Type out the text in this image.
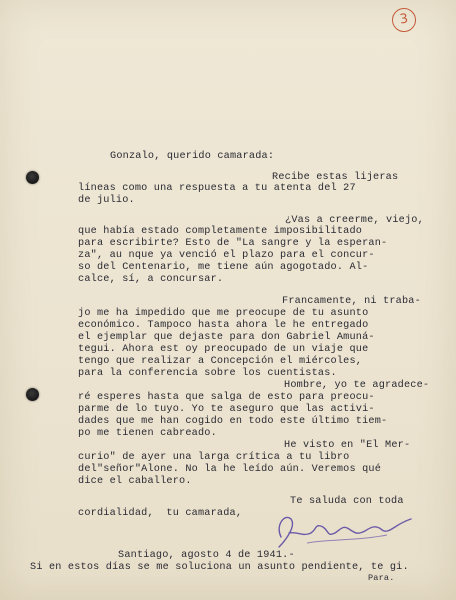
3
Gonzalo, querido camarada:
Recibe estas lijeras
líneas como una respuesta a tu atenta del 27
de julio.
¿Vas a creerme, viejo,
que había estado completamente imposibilitado
para escribirte? Esto de "La sangre y la esperan-
za", au nque ya venció el plazo para el concur-
so del Centenario, me tiene aún agogotado. Al-
calce, sí, a concursar.
Francamente, ni traba-
jo me ha impedido que me preocupe de tu asunto
económico. Tampoco hasta ahora le he entregado
el ejemplar que dejaste para don Gabriel Amuná-
tegui. Ahora est oy preocupado de un viaje que
tengo que realizar a Concepción el miércoles,
para la conferencia sobre los cuentistas.
Hombre, yo te agradece-
ré esperes hasta que salga de esto para preocu-
parme de lo tuyo. Yo te aseguro que las activi-
dades que me han cogido en todo este último tiem-
po me tienen cabreado.
He visto en "El Mer-
curio" de ayer una larga crítica a tu libro
del"señor"Alone. No la he leído aún. Veremos qué
dice el caballero.
Te saluda con toda
cordialidad,  tu camarada,
Santiago, agosto 4 de 1941.-
Si en estos días se me soluciona un asunto pendiente, te gi.
Para.
